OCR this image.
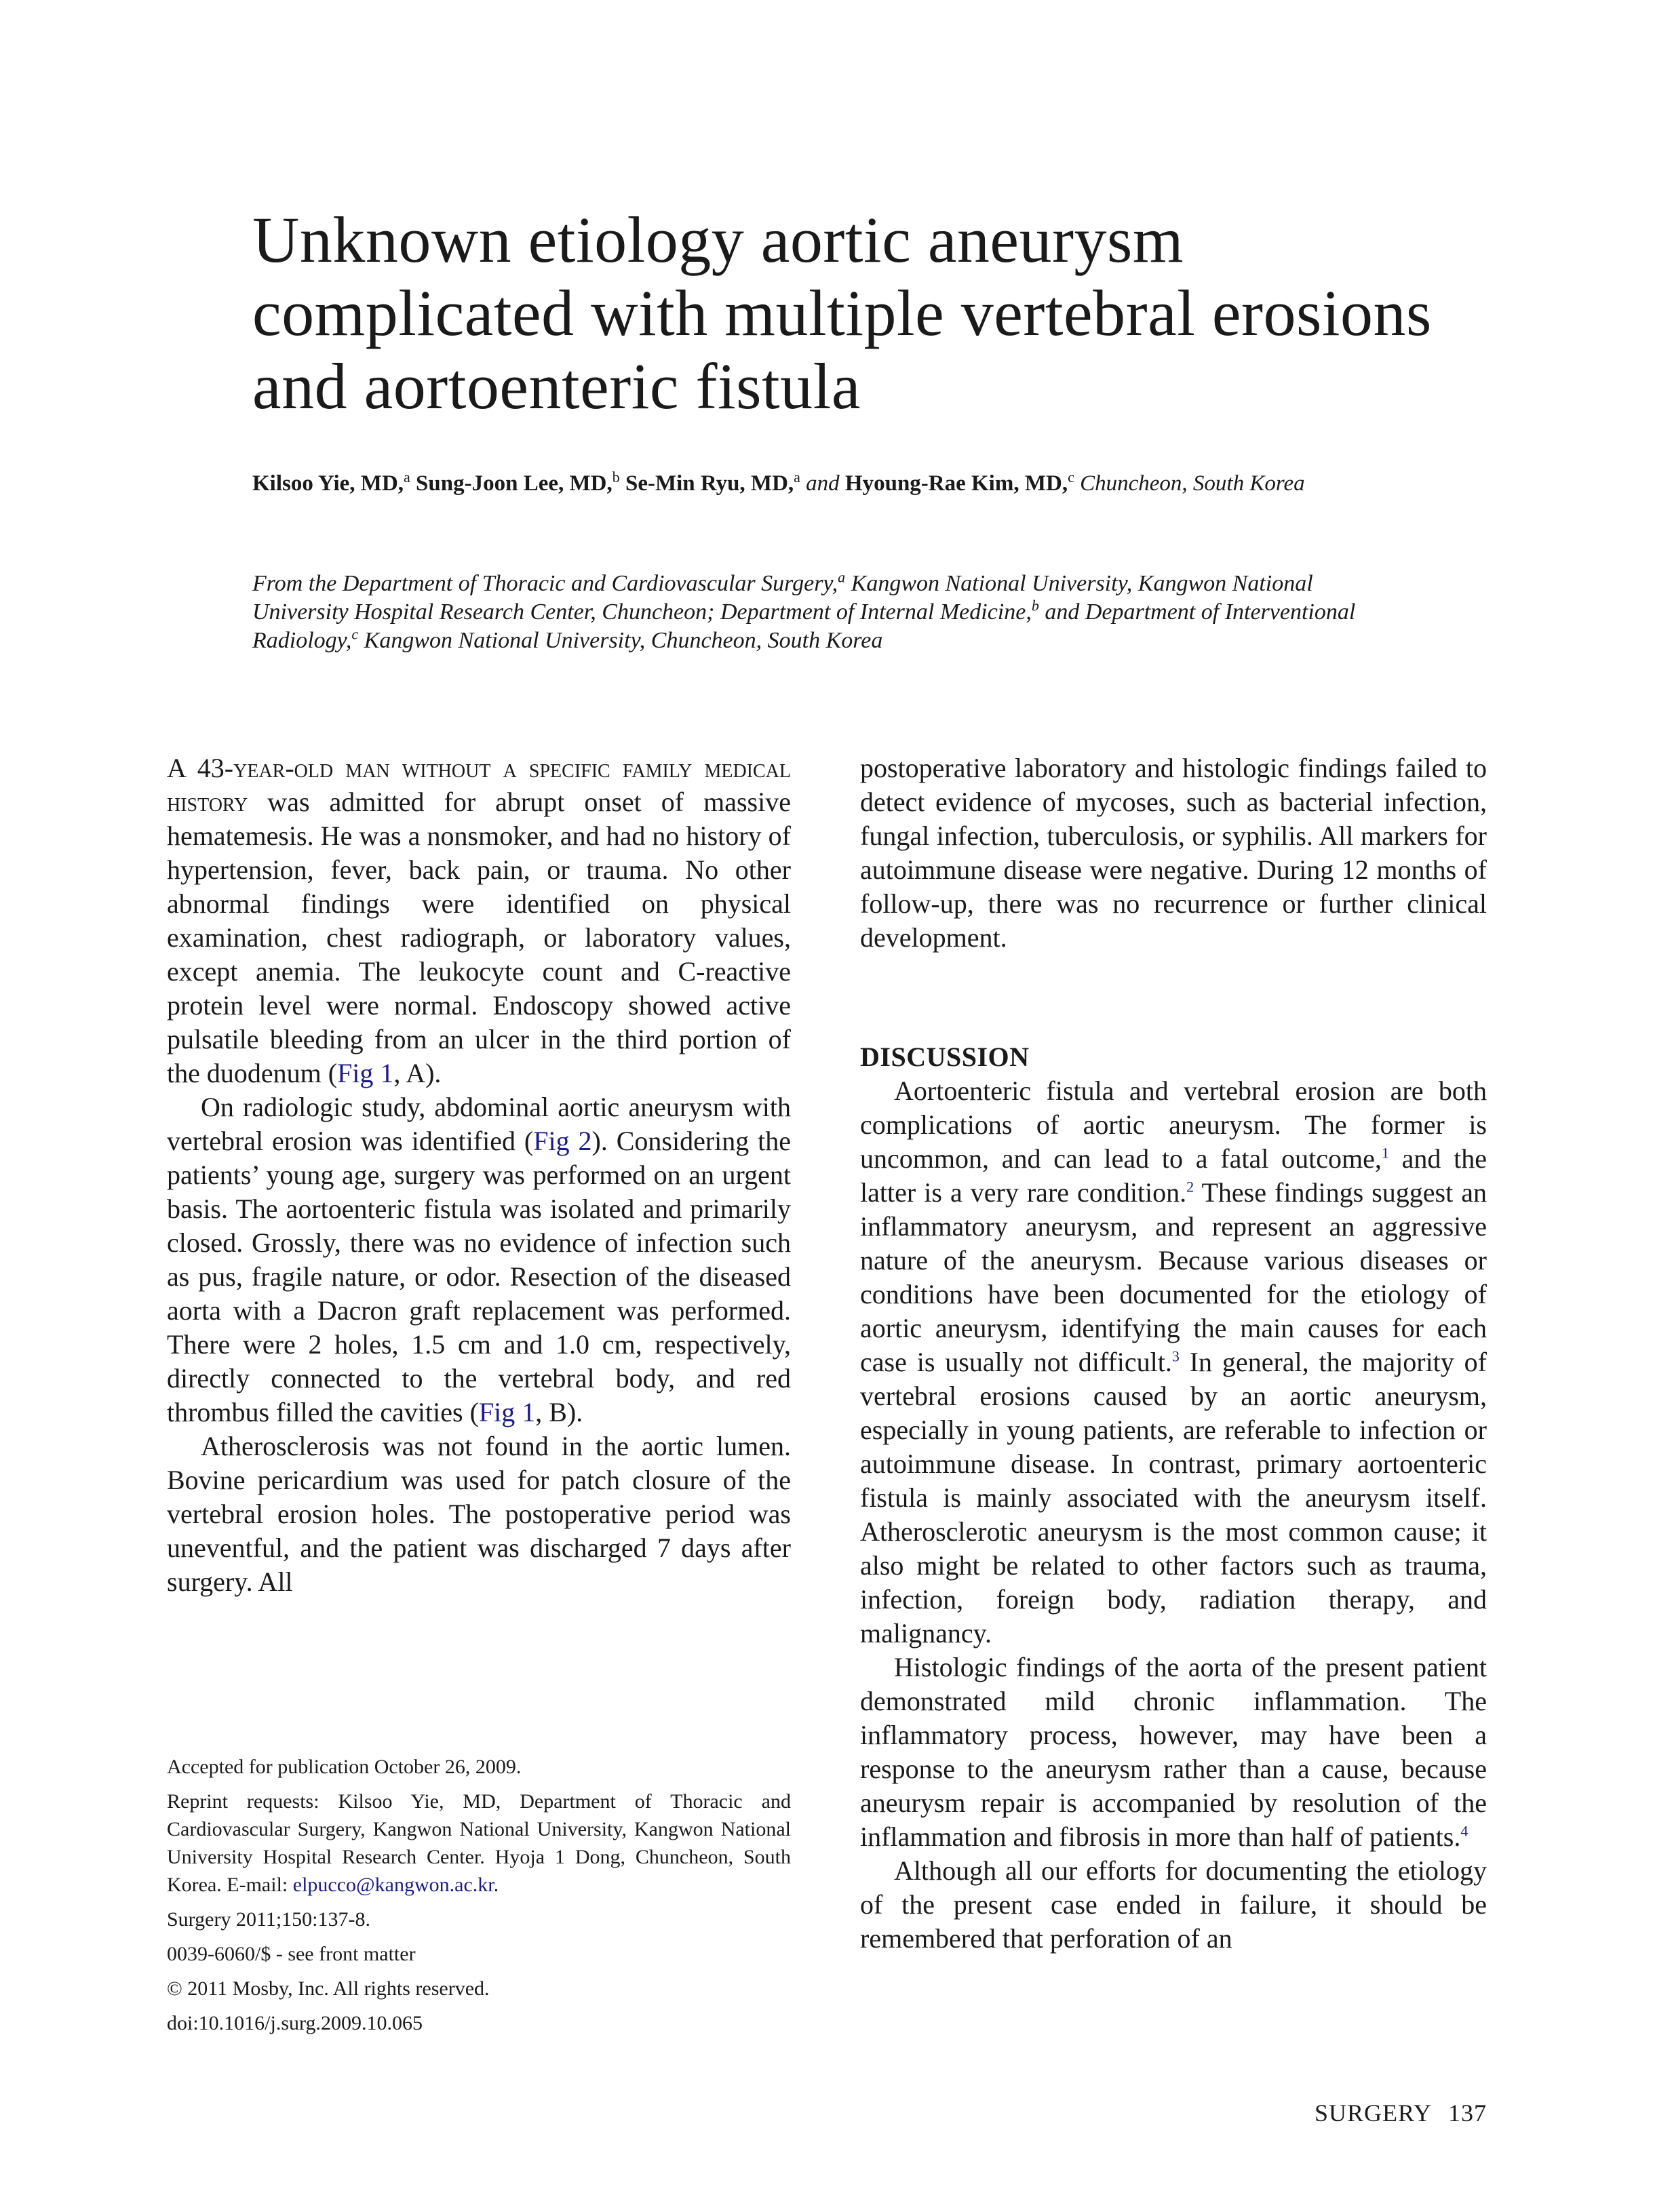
Unknown etiology aortic aneurysm complicated with multiple vertebral erosions and aortoenteric fistula
Kilsoo Yie, MD,$^a$ Sung-Joon Lee, MD,$^b$ Se-Min Ryu, MD,$^a$ and Hyoung-Rae Kim, MD,$^c$ Chuncheon, South Korea
From the Department of Thoracic and Cardiovascular Surgery,$^a$ Kangwon National University, Kangwon National University Hospital Research Center, Chuncheon; Department of Internal Medicine,$^b$ and Department of Interventional Radiology,$^c$ Kangwon National University, Chuncheon, South Korea

A 43-year-old man without a specific family medical history was admitted for abrupt onset of massive hematemesis. He was a nonsmoker, and had no history of hypertension, fever, back pain, or trauma. No other abnormal findings were identified on physical examination, chest radiograph, or laboratory values, except anemia. The leukocyte count and C-reactive protein level were normal. Endoscopy showed active pulsatile bleeding from an ulcer in the third portion of the duodenum (Fig 1, A).

On radiologic study, abdominal aortic aneurysm with vertebral erosion was identified (Fig 2). Considering the patients’ young age, surgery was performed on an urgent basis. The aortoenteric fistula was isolated and primarily closed. Grossly, there was no evidence of infection such as pus, fragile nature, or odor. Resection of the diseased aorta with a Dacron graft replacement was performed. There were 2 holes, 1.5 cm and 1.0 cm, respectively, directly connected to the vertebral body, and red thrombus filled the cavities (Fig 1, B).

Atherosclerosis was not found in the aortic lumen. Bovine pericardium was used for patch closure of the vertebral erosion holes. The postoperative period was uneventful, and the patient was discharged 7 days after surgery. All

postoperative laboratory and histologic findings failed to detect evidence of mycoses, such as bacterial infection, fungal infection, tuberculosis, or syphilis. All markers for autoimmune disease were negative. During 12 months of follow-up, there was no recurrence or further clinical development.

DISCUSSION

Aortoenteric fistula and vertebral erosion are both complications of aortic aneurysm. The former is uncommon, and can lead to a fatal outcome,$^1$ and the latter is a very rare condition.$^2$ These findings suggest an inflammatory aneurysm, and represent an aggressive nature of the aneurysm. Because various diseases or conditions have been documented for the etiology of aortic aneurysm, identifying the main causes for each case is usually not difficult.$^3$ In general, the majority of vertebral erosions caused by an aortic aneurysm, especially in young patients, are referable to infection or autoimmune disease. In contrast, primary aortoenteric fistula is mainly associated with the aneurysm itself. Atherosclerotic aneurysm is the most common cause; it also might be related to other factors such as trauma, infection, foreign body, radiation therapy, and malignancy.

Histologic findings of the aorta of the present patient demonstrated mild chronic inflammation. The inflammatory process, however, may have been a response to the aneurysm rather than a cause, because aneurysm repair is accompanied by resolution of the inflammation and fibrosis in more than half of patients.$^4$

Although all our efforts for documenting the etiology of the present case ended in failure, it should be remembered that perforation of an

Accepted for publication October 26, 2009.

Reprint requests: Kilsoo Yie, MD, Department of Thoracic and Cardiovascular Surgery, Kangwon National University, Kangwon National University Hospital Research Center. Hyoja 1 Dong, Chuncheon, South Korea. E-mail: elpucco@kangwon.ac.kr.

Surgery 2011;150:137-8.

0039-6060/$ - see front matter

© 2011 Mosby, Inc. All rights reserved.

doi:10.1016/j.surg.2009.10.065

SURGERY 137
